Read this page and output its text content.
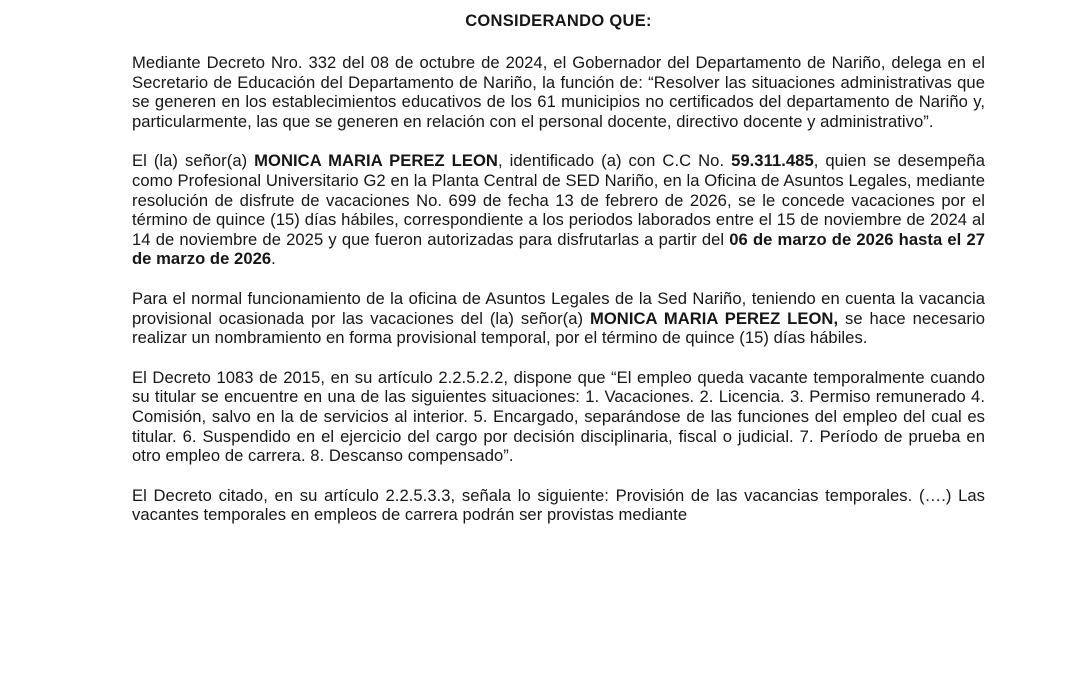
CONSIDERANDO QUE:

Mediante Decreto Nro. 332 del 08 de octubre de 2024, el Gobernador del Departamento de Nariño, delega en el Secretario de Educación del Departamento de Nariño, la función de: “Resolver las situaciones administrativas que se generen en los establecimientos educativos de los 61 municipios no certificados del departamento de Nariño y, particularmente, las que se generen en relación con el personal docente, directivo docente y administrativo”.

El (la) señor(a) MONICA MARIA PEREZ LEON, identificado (a) con C.C No. 59.311.485, quien se desempeña como Profesional Universitario G2 en la Planta Central de SED Nariño, en la Oficina de Asuntos Legales, mediante resolución de disfrute de vacaciones No. 699 de fecha 13 de febrero de 2026, se le concede vacaciones por el término de quince (15) días hábiles, correspondiente a los periodos laborados entre el 15 de noviembre de 2024 al 14 de noviembre de 2025 y que fueron autorizadas para disfrutarlas a partir del 06 de marzo de 2026 hasta el 27 de marzo de 2026.

Para el normal funcionamiento de la oficina de Asuntos Legales de la Sed Nariño, teniendo en cuenta la vacancia provisional ocasionada por las vacaciones del (la) señor(a) MONICA MARIA PEREZ LEON, se hace necesario realizar un nombramiento en forma provisional temporal, por el término de quince (15) días hábiles.

El Decreto 1083 de 2015, en su artículo 2.2.5.2.2, dispone que “El empleo queda vacante temporalmente cuando su titular se encuentre en una de las siguientes situaciones: 1. Vacaciones. 2. Licencia. 3. Permiso remunerado 4. Comisión, salvo en la de servicios al interior. 5. Encargado, separándose de las funciones del empleo del cual es titular. 6. Suspendido en el ejercicio del cargo por decisión disciplinaria, fiscal o judicial. 7. Período de prueba en otro empleo de carrera. 8. Descanso compensado”.

El Decreto citado, en su artículo 2.2.5.3.3, señala lo siguiente: Provisión de las vacancias temporales. (….) Las vacantes temporales en empleos de carrera podrán ser provistas mediante
